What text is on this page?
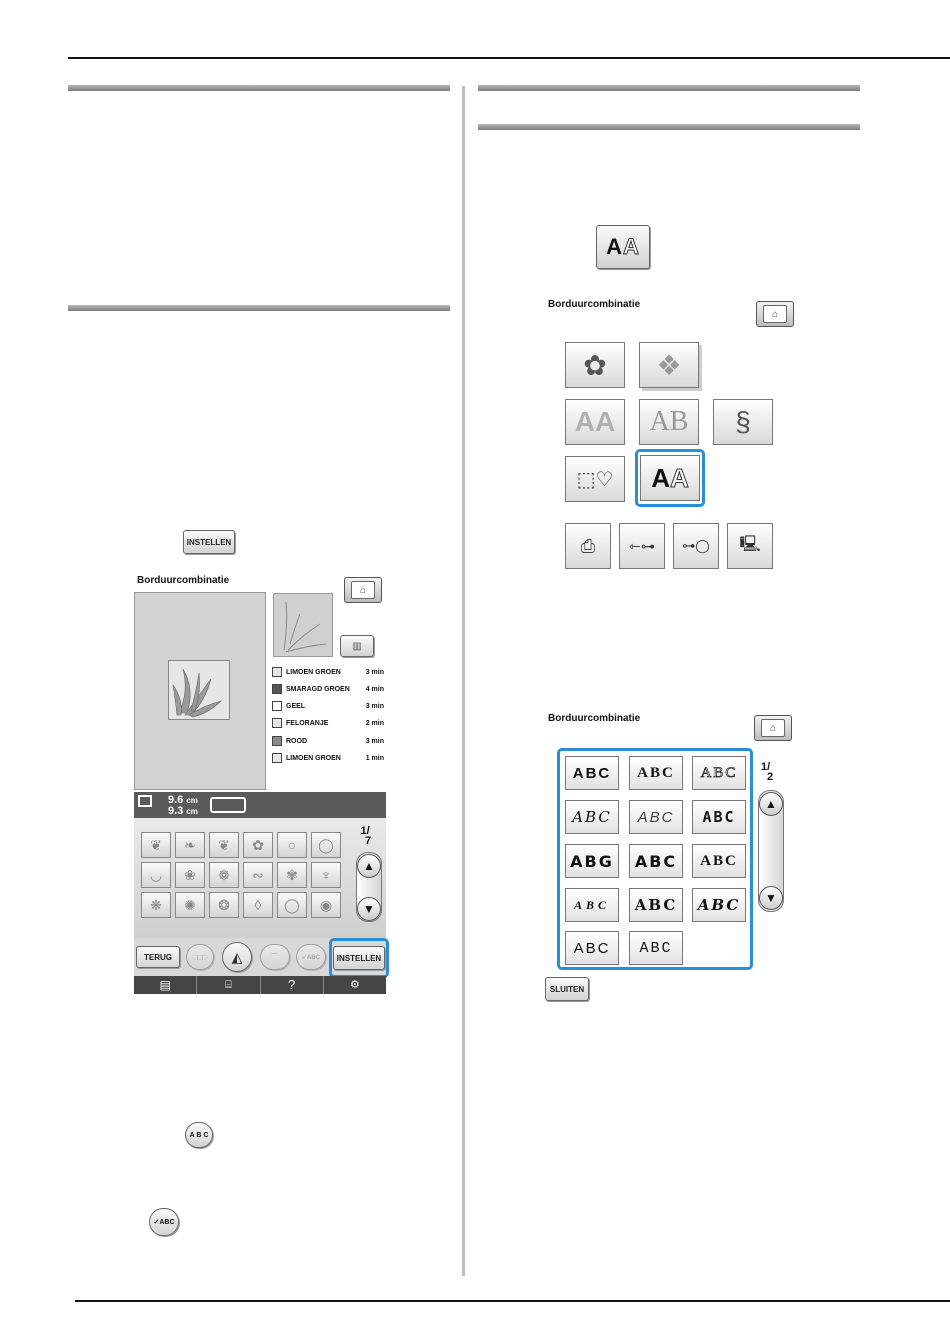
INSTELLEN
Borduurcombinatie
⌂
▥
LIMOEN GROEN	3 min
SMARAGD GROEN	4 min
GEEL	3 min
FELORANJE	2 min
ROOD	3 min
LIMOEN GROEN	1 min
9.6 cm
9.3 cm
❦	❧	❦	✿	○	◯
◡	❀	❁	∾	✾	♆
❋	✺	❂	◊	◯	◉
1/
7
▲
▼
TERUG	□□□ ◭	⌒	✓ABC INSTELLEN
▤	⌸	?	⚙
A B C
✓ABC
AA
Borduurcombinatie
⌂
✿ ❖
AA AB §
⬚♡ AA
⎙ ⇽⊶ ⊶◯ 🖳
Borduurcombinatie
⌂
ABC ABC ABC
ABC ABC ABC
ABG ABC ABC
ABC ABC ABC
ABC ABC
1/
2
▲
▼
SLUITEN
